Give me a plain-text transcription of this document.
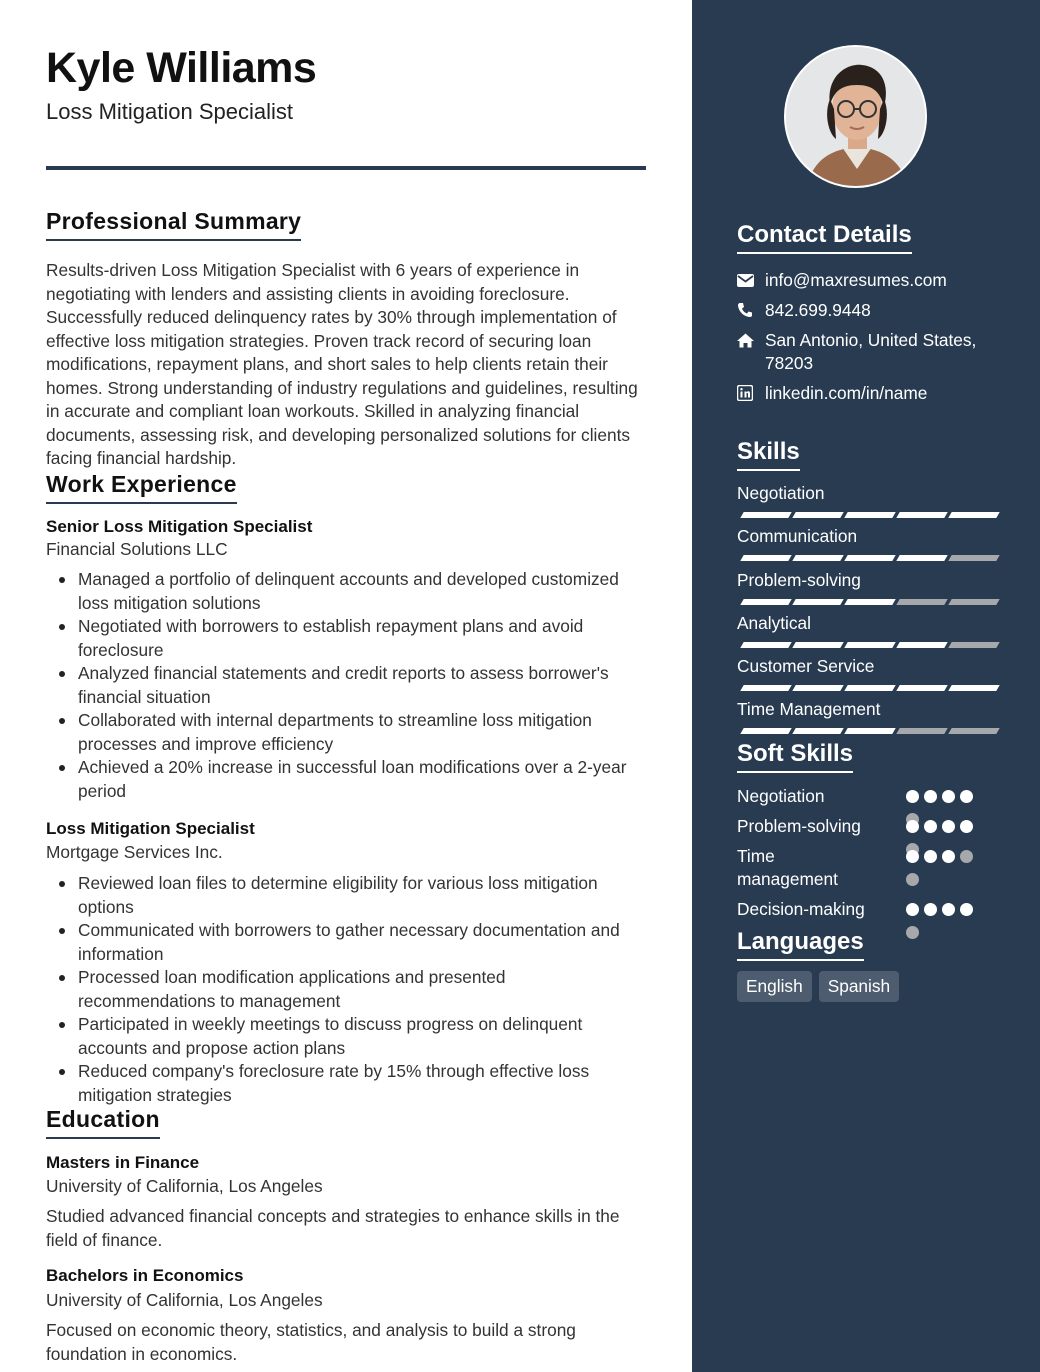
Kyle Williams
Loss Mitigation Specialist
Professional Summary
Results-driven Loss Mitigation Specialist with 6 years of experience in negotiating with lenders and assisting clients in avoiding foreclosure. Successfully reduced delinquency rates by 30% through implementation of effective loss mitigation strategies. Proven track record of securing loan modifications, repayment plans, and short sales to help clients retain their homes. Strong understanding of industry regulations and guidelines, resulting in accurate and compliant loan workouts. Skilled in analyzing financial documents, assessing risk, and developing personalized solutions for clients facing financial hardship.
Work Experience
Senior Loss Mitigation Specialist
Financial Solutions LLC
Managed a portfolio of delinquent accounts and developed customized loss mitigation solutions
Negotiated with borrowers to establish repayment plans and avoid foreclosure
Analyzed financial statements and credit reports to assess borrower's financial situation
Collaborated with internal departments to streamline loss mitigation processes and improve efficiency
Achieved a 20% increase in successful loan modifications over a 2-year period
Loss Mitigation Specialist
Mortgage Services Inc.
Reviewed loan files to determine eligibility for various loss mitigation options
Communicated with borrowers to gather necessary documentation and information
Processed loan modification applications and presented recommendations to management
Participated in weekly meetings to discuss progress on delinquent accounts and propose action plans
Reduced company's foreclosure rate by 15% through effective loss mitigation strategies
Education
Masters in Finance
University of California, Los Angeles
Studied advanced financial concepts and strategies to enhance skills in the field of finance.
Bachelors in Economics
University of California, Los Angeles
Focused on economic theory, statistics, and analysis to build a strong foundation in economics.
Contact Details
info@maxresumes.com
842.699.9448
San Antonio, United States,
78203
linkedin.com/in/name
Skills
Negotiation
Communication
Problem-solving
Analytical
Customer Service
Time Management
Soft Skills
Negotiation
Problem-solving
Time
management
Decision-making
Languages
English	Spanish
